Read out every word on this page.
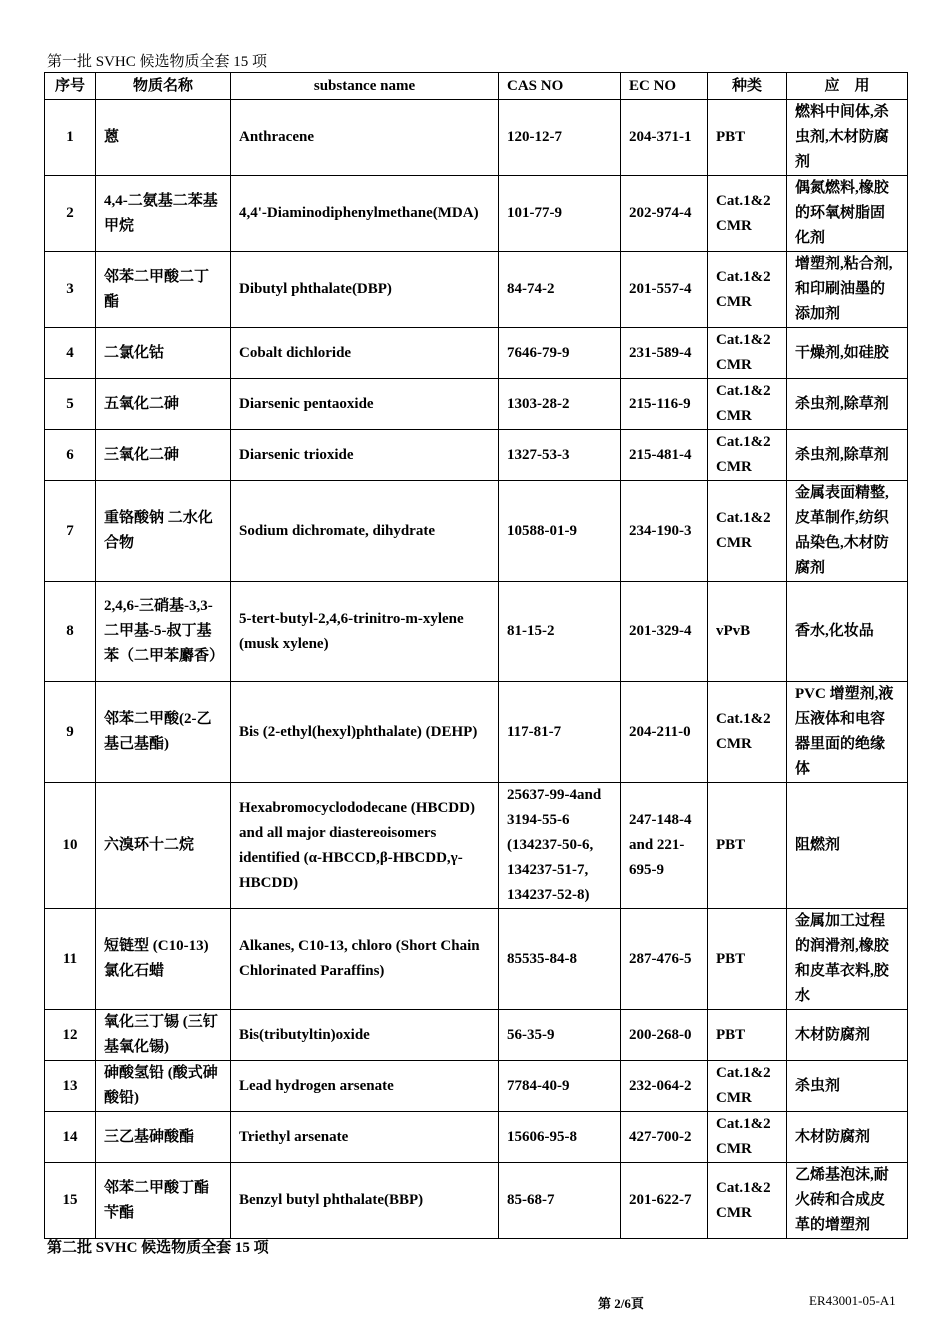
第一批 SVHC 候选物质全套 15 项
序号	物质名称	substance name	CAS NO	EC NO	种类	应　用
1	蒽	Anthracene	120-12-7	204-371-1	PBT	燃料中间体,杀虫剂,木材防腐剂
2	4,4-二氨基二苯基甲烷	4,4'-Diaminodiphenylmethane(MDA)	101-77-9	202-974-4	Cat.1&2 CMR	偶氮燃料,橡胶的环氧树脂固化剂
3	邻苯二甲酸二丁酯	Dibutyl phthalate(DBP)	84-74-2	201-557-4	Cat.1&2 CMR	增塑剂,粘合剂,和印刷油墨的添加剂
4	二氯化钴	Cobalt dichloride	7646-79-9	231-589-4	Cat.1&2 CMR	干燥剂,如硅胶
5	五氧化二砷	Diarsenic pentaoxide	1303-28-2	215-116-9	Cat.1&2 CMR	杀虫剂,除草剂
6	三氧化二砷	Diarsenic trioxide	1327-53-3	215-481-4	Cat.1&2 CMR	杀虫剂,除草剂
7	重铬酸钠 二水化合物	Sodium dichromate, dihydrate	10588-01-9	234-190-3	Cat.1&2 CMR	金属表面精整,皮革制作,纺织品染色,木材防腐剂
8	2,4,6-三硝基-3,3-二甲基-5-叔丁基苯（二甲苯麝香）	5-tert-butyl-2,4,6-trinitro-m-xylene (musk xylene)	81-15-2	201-329-4	vPvB	香水,化妆品
9	邻苯二甲酸(2-乙基己基酯)	Bis (2-ethyl(hexyl)phthalate) (DEHP)	117-81-7	204-211-0	Cat.1&2 CMR	PVC 增塑剂,液压液体和电容器里面的绝缘体
10	六溴环十二烷	Hexabromocyclododecane (HBCDD) and all major diastereoisomers identified (α-HBCCD,β-HBCDD,γ-HBCDD)	25637-99-4and 3194-55-6 (134237-50-6, 134237-51-7, 134237-52-8)	247-148-4 and 221-695-9	PBT	阻燃剂
11	短链型 (C10-13)氯化石蜡	Alkanes, C10-13, chloro (Short Chain Chlorinated Paraffins)	85535-84-8	287-476-5	PBT	金属加工过程的润滑剂,橡胶和皮革衣料,胶水
12	氧化三丁锡 (三钉基氧化锡)	Bis(tributyltin)oxide	56-35-9	200-268-0	PBT	木材防腐剂
13	砷酸氢铅 (酸式砷酸铅)	Lead hydrogen arsenate	7784-40-9	232-064-2	Cat.1&2 CMR	杀虫剂
14	三乙基砷酸酯	Triethyl arsenate	15606-95-8	427-700-2	Cat.1&2 CMR	木材防腐剂
15	邻苯二甲酸丁酯苄酯	Benzyl butyl phthalate(BBP)	85-68-7	201-622-7	Cat.1&2 CMR	乙烯基泡沫,耐火砖和合成皮革的增塑剂
第二批 SVHC 候选物质全套 15 项
第 2/6頁	ER43001-05-A1
